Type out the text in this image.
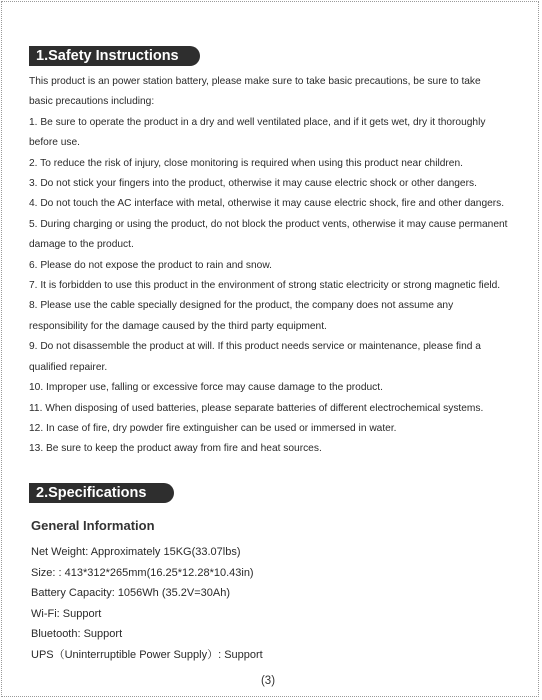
1.Safety Instructions
This product is an power station battery, please make sure to take basic precautions, be sure to take
basic precautions including:
1. Be sure to operate the product in a dry and well ventilated place, and if it gets wet, dry it thoroughly
before use.
2. To reduce the risk of injury, close monitoring is required when using this product near children.
3. Do not stick your fingers into the product, otherwise it may cause electric shock or other dangers.
4. Do not touch the AC interface with metal, otherwise it may cause electric shock, fire and other dangers.
5. During charging or using the product, do not block the product vents, otherwise it may cause permanent
damage to the product.
6. Please do not expose the product to rain and snow.
7. It is forbidden to use this product in the environment of strong static electricity or strong magnetic field.
8. Please use the cable specially designed for the product, the company does not assume any
responsibility for the damage caused by the third party equipment.
9. Do not disassemble the product at will. If this product needs service or maintenance, please find a
qualified repairer.
10. Improper use, falling or excessive force may cause damage to the product.
11. When disposing of used batteries, please separate batteries of different electrochemical systems.
12. In case of fire, dry powder fire extinguisher can be used or immersed in water.
13. Be sure to keep the product away from fire and heat sources.
2.Specifications
General Information
Net Weight: Approximately 15KG(33.07lbs)
Size: : 413*312*265mm(16.25*12.28*10.43in)
Battery Capacity: 1056Wh (35.2V=30Ah)
Wi-Fi: Support
Bluetooth: Support
UPS（Uninterruptible Power Supply）: Support
(3)
